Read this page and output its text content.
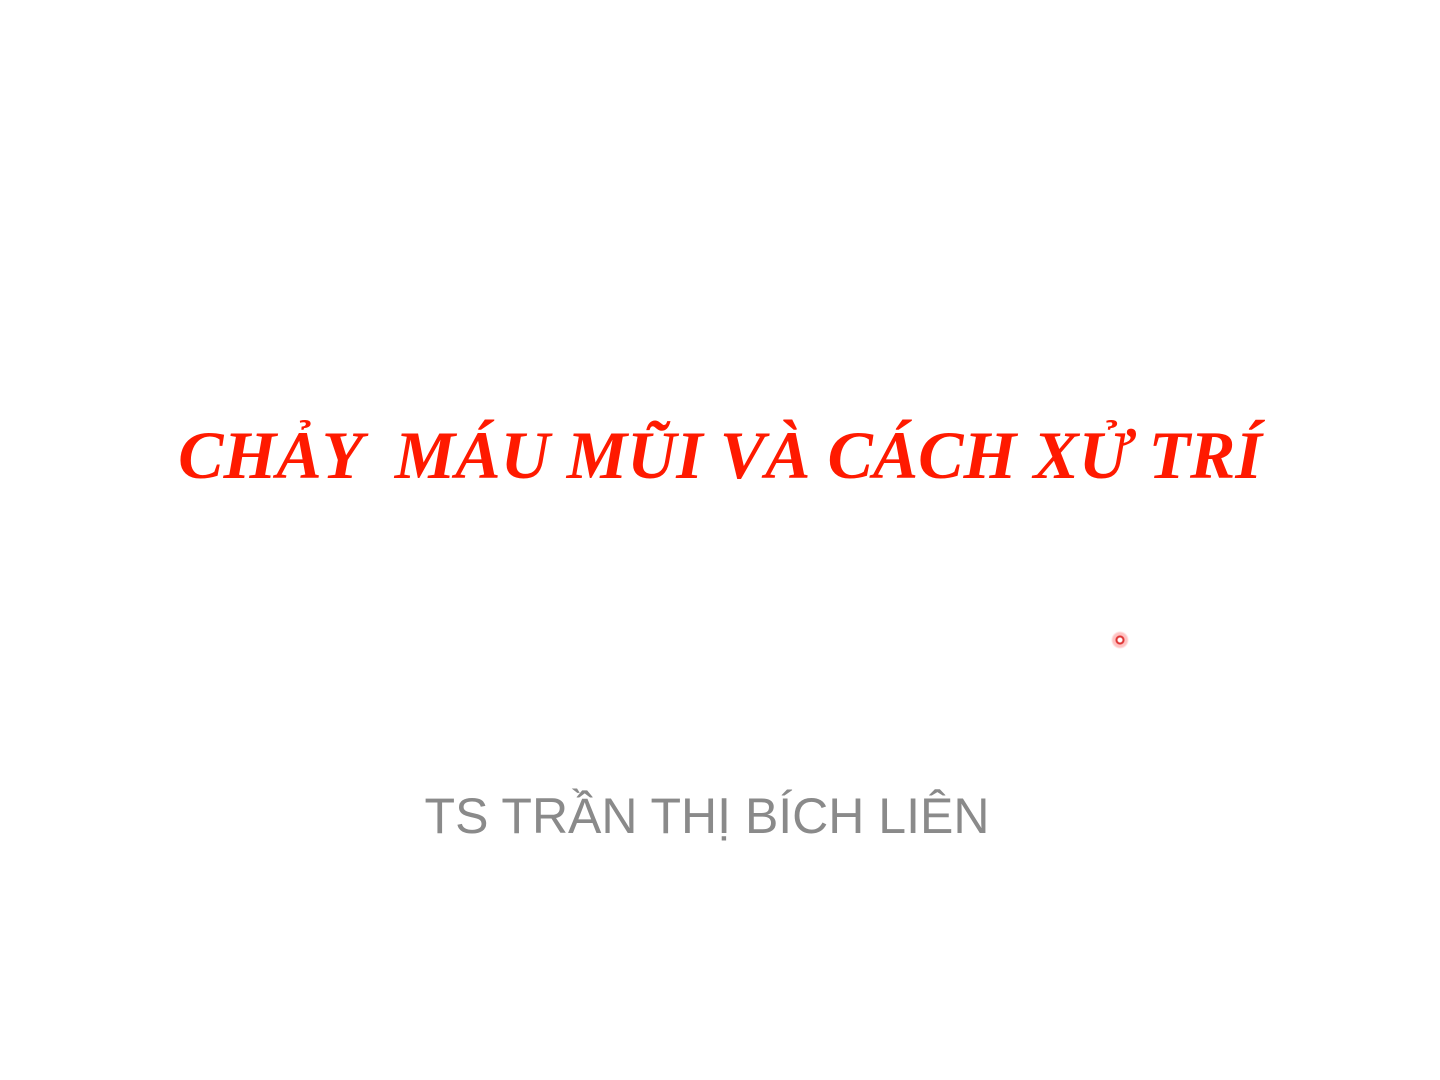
CHẢY  MÁU MŨI VÀ CÁCH XỬ TRÍ
TS TRẦN THỊ BÍCH LIÊN
